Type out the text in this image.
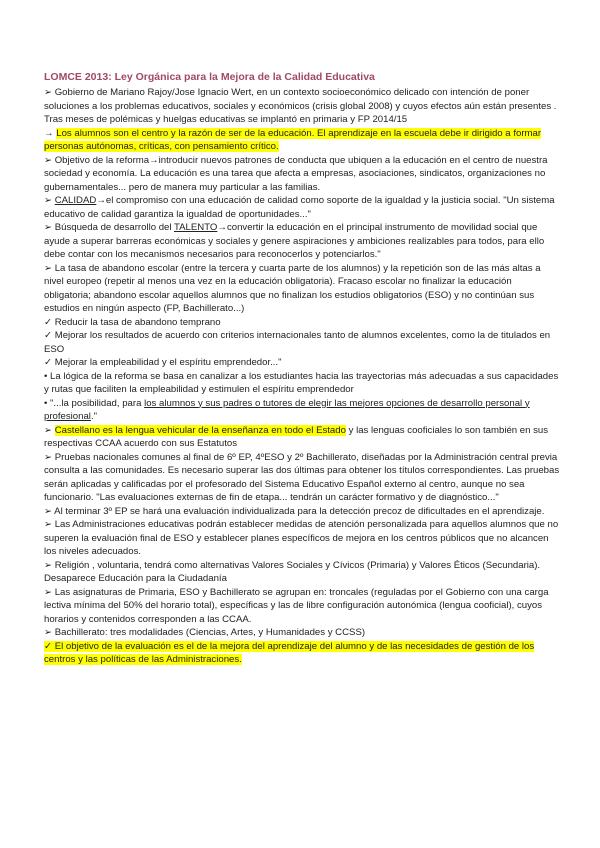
LOMCE 2013: Ley Orgánica para la Mejora de la Calidad Educativa

➢ Gobierno de Mariano Rajoy/Jose Ignacio Wert, en un contexto socioeconómico delicado con intención de poner soluciones a los problemas educativos, sociales y económicos (crisis global 2008) y cuyos efectos aún están presentes .

Tras meses de polémicas y huelgas educativas se implantó en primaria y FP 2014/15

→ Los alumnos son el centro y la razón de ser de la educación. El aprendizaje en la escuela debe ir dirigido a formar personas autónomas, críticas, con pensamiento crítico.

➢ Objetivo de la reforma→introducir nuevos patrones de conducta que ubiquen a la educación en el centro de nuestra sociedad y economía. La educación es una tarea que afecta a empresas, asociaciones, sindicatos, organizaciones no gubernamentales... pero de manera muy particular a las familias.

➢ CALIDAD→el compromiso con una educación de calidad como soporte de la igualdad y la justicia social. "Un sistema educativo de calidad garantiza la igualdad de oportunidades..."

➢ Búsqueda de desarrollo del TALENTO→convertir la educación en el principal instrumento de movilidad social que ayude a superar barreras económicas y sociales y genere aspiraciones y ambiciones realizables para todos, para ello debe contar con los mecanismos necesarios para reconocerlos y potenciarlos."

➢ La tasa de abandono escolar (entre la tercera y cuarta parte de los alumnos) y la repetición son de las más altas a nivel europeo (repetir al menos una vez en la educación obligatoria). Fracaso escolar no finalizar la educación obligatoria; abandono escolar aquellos alumnos que no finalizan los estudios obligatorios (ESO) y no continúan sus estudios en ningún aspecto (FP, Bachillerato...)

✓ Reducir la tasa de abandono temprano

✓ Mejorar los resultados de acuerdo con criterios internacionales tanto de alumnos excelentes, como la de titulados en ESO

✓ Mejorar la empleabilidad y el espíritu emprendedor..."

• La lógica de la reforma se basa en canalizar a los estudiantes hacia las trayectorias más adecuadas a sus capacidades y rutas que faciliten la empleabilidad y estimulen el espíritu emprendedor

• "...la posibilidad, para los alumnos y sus padres o tutores de elegir las mejores opciones de desarrollo personal y profesional."

➢ Castellano es la lengua vehicular de la enseñanza en todo el Estado y las lenguas cooficiales lo son también en sus respectivas CCAA acuerdo con sus Estatutos

➢ Pruebas nacionales comunes al final de 6º EP, 4ºESO y 2º Bachillerato, diseñadas por la Administración central previa consulta a las comunidades. Es necesario superar las dos últimas para obtener los títulos correspondientes. Las pruebas serán aplicadas y calificadas por el profesorado del Sistema Educativo Español externo al centro, aunque no sea funcionario. "Las evaluaciones externas de fin de etapa... tendrán un carácter formativo y de diagnóstico..."

➢ Al terminar 3º EP se hará una evaluación individualizada para la detección precoz de dificultades en el aprendizaje.

➢ Las Administraciones educativas podrán establecer medidas de atención personalizada para aquellos alumnos que no superen la evaluación final de ESO y establecer planes específicos de mejora en los centros públicos que no alcancen los niveles adecuados.

➢ Religión , voluntaria, tendrá como alternativas Valores Sociales y Cívicos (Primaria) y Valores Éticos (Secundaria). Desaparece Educación para la Ciudadanía

➢ Las asignaturas de Primaria, ESO y Bachillerato se agrupan en: troncales (reguladas por el Gobierno con una carga lectiva mínima del 50% del horario total), específicas y las de libre configuración autonómica (lengua cooficial), cuyos horarios y contenidos corresponden a las CCAA.

➢ Bachillerato: tres modalidades (Ciencias, Artes, y Humanidades y CCSS)

✓ El objetivo de la evaluación es el de la mejora del aprendizaje del alumno y de las necesidades de gestión de los centros y las políticas de las Administraciones.
